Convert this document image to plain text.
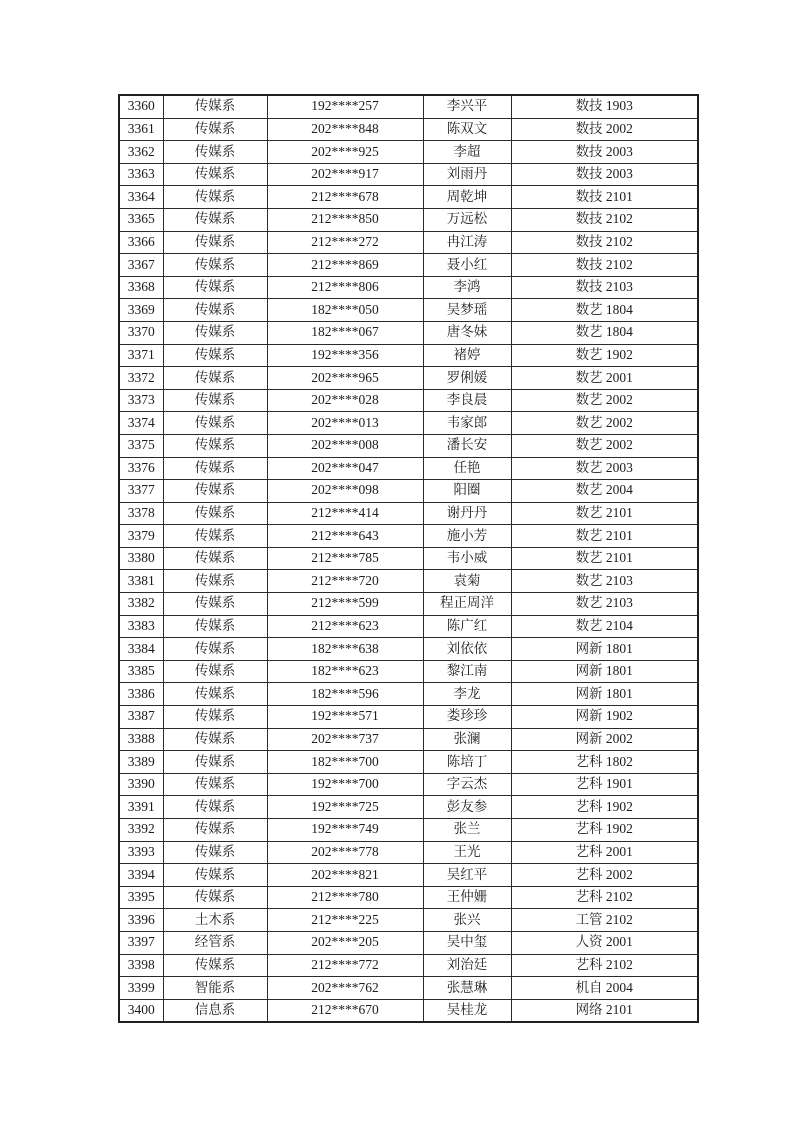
3360	传媒系	192****257	李兴平	数技 1903
3361	传媒系	202****848	陈双文	数技 2002
3362	传媒系	202****925	李超	数技 2003
3363	传媒系	202****917	刘雨丹	数技 2003
3364	传媒系	212****678	周乾坤	数技 2101
3365	传媒系	212****850	万远松	数技 2102
3366	传媒系	212****272	冉江涛	数技 2102
3367	传媒系	212****869	聂小红	数技 2102
3368	传媒系	212****806	李鸿	数技 2103
3369	传媒系	182****050	吴梦瑶	数艺 1804
3370	传媒系	182****067	唐冬妹	数艺 1804
3371	传媒系	192****356	褚婷	数艺 1902
3372	传媒系	202****965	罗俐媛	数艺 2001
3373	传媒系	202****028	李良晨	数艺 2002
3374	传媒系	202****013	韦家郎	数艺 2002
3375	传媒系	202****008	潘长安	数艺 2002
3376	传媒系	202****047	任艳	数艺 2003
3377	传媒系	202****098	阳圈	数艺 2004
3378	传媒系	212****414	谢丹丹	数艺 2101
3379	传媒系	212****643	施小芳	数艺 2101
3380	传媒系	212****785	韦小威	数艺 2101
3381	传媒系	212****720	袁菊	数艺 2103
3382	传媒系	212****599	程正周洋	数艺 2103
3383	传媒系	212****623	陈广红	数艺 2104
3384	传媒系	182****638	刘依依	网新 1801
3385	传媒系	182****623	黎江南	网新 1801
3386	传媒系	182****596	李龙	网新 1801
3387	传媒系	192****571	娄珍珍	网新 1902
3388	传媒系	202****737	张澜	网新 2002
3389	传媒系	182****700	陈培丁	艺科 1802
3390	传媒系	192****700	字云杰	艺科 1901
3391	传媒系	192****725	彭友参	艺科 1902
3392	传媒系	192****749	张兰	艺科 1902
3393	传媒系	202****778	王光	艺科 2001
3394	传媒系	202****821	吴红平	艺科 2002
3395	传媒系	212****780	王仲姗	艺科 2102
3396	土木系	212****225	张兴	工管 2102
3397	经管系	202****205	吴中玺	人资 2001
3398	传媒系	212****772	刘治廷	艺科 2102
3399	智能系	202****762	张慧琳	机自 2004
3400	信息系	212****670	吴桂龙	网络 2101
